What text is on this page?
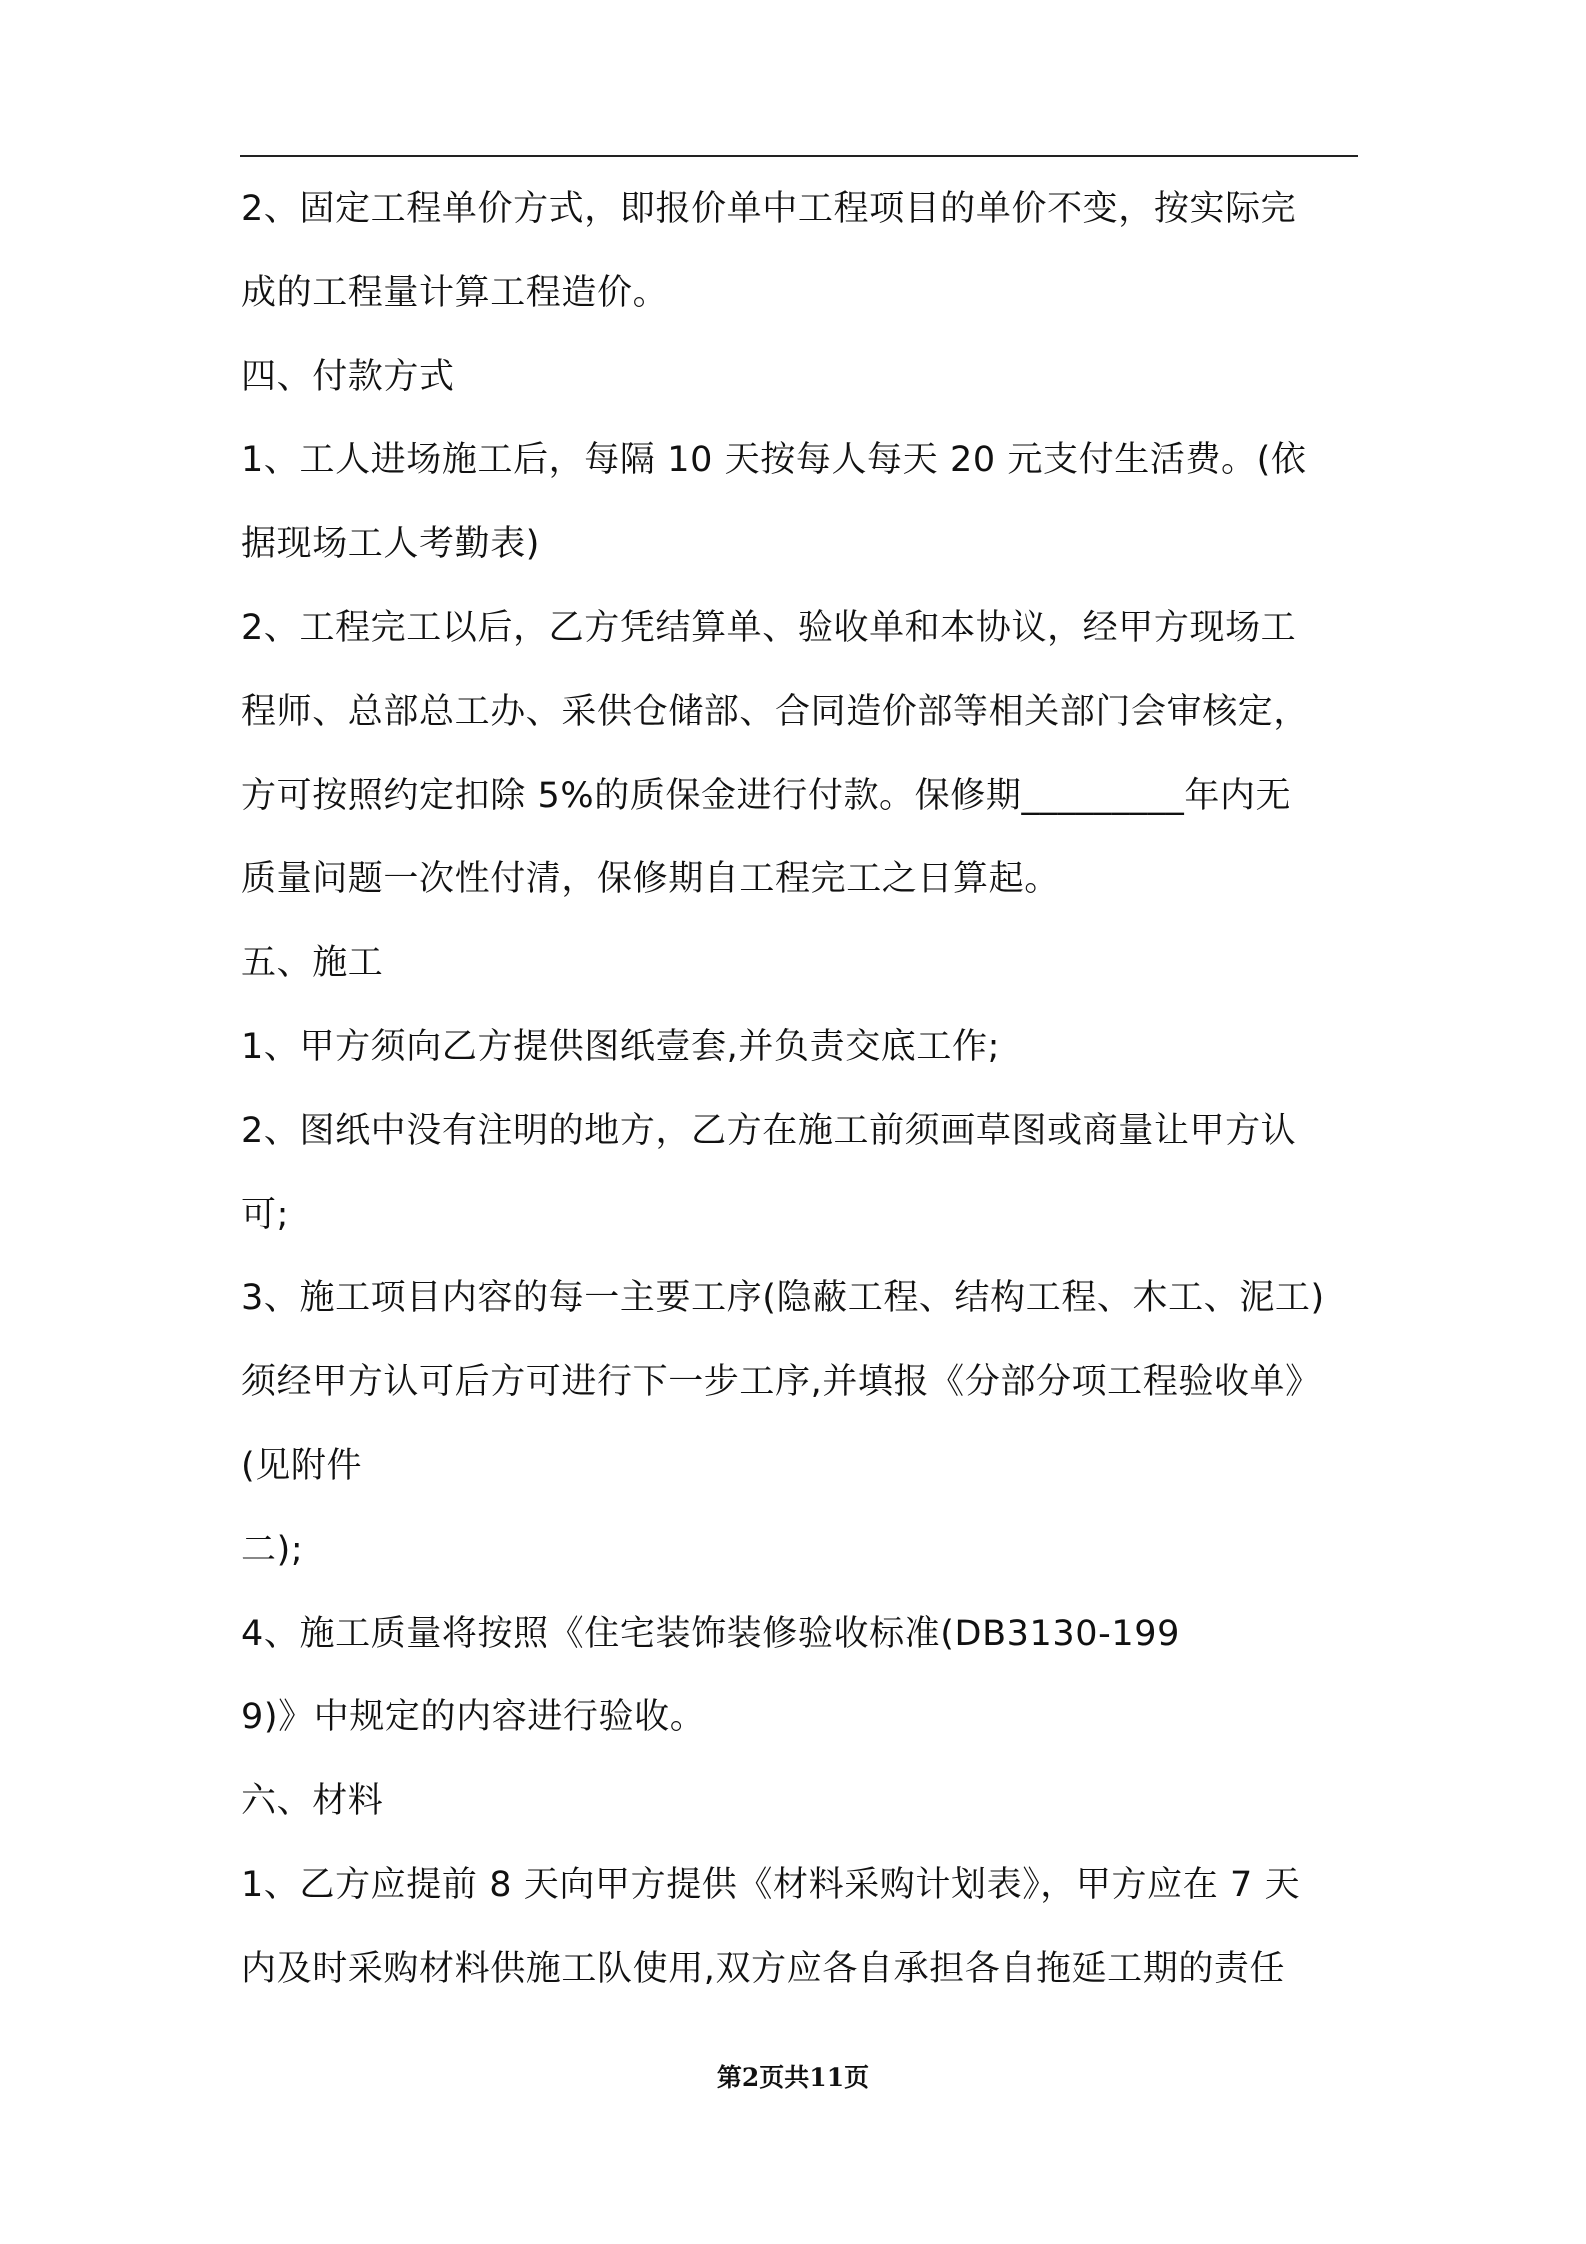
2、固定工程单价方式，即报价单中工程项目的单价不变，按实际完
成的工程量计算工程造价。
四、付款方式
1、工人进场施工后，每隔 10 天按每人每天 20 元支付生活费。(依
据现场工人考勤表)
2、工程完工以后，乙方凭结算单、验收单和本协议，经甲方现场工
程师、总部总工办、采供仓储部、合同造价部等相关部门会审核定，
方可按照约定扣除 5%的质保金进行付款。保修期_________年内无
质量问题一次性付清，保修期自工程完工之日算起。
五、施工
1、甲方须向乙方提供图纸壹套,并负责交底工作;
2、图纸中没有注明的地方，乙方在施工前须画草图或商量让甲方认
可;
3、施工项目内容的每一主要工序(隐蔽工程、结构工程、木工、泥工)
须经甲方认可后方可进行下一步工序,并填报《分部分项工程验收单》
(见附件
二);
4、施工质量将按照《住宅装饰装修验收标准(DB3130-199
9)》中规定的内容进行验收。
六、材料
1、乙方应提前 8 天向甲方提供《材料采购计划表》，甲方应在 7 天
内及时采购材料供施工队使用,双方应各自承担各自拖延工期的责任
第2页共11页
